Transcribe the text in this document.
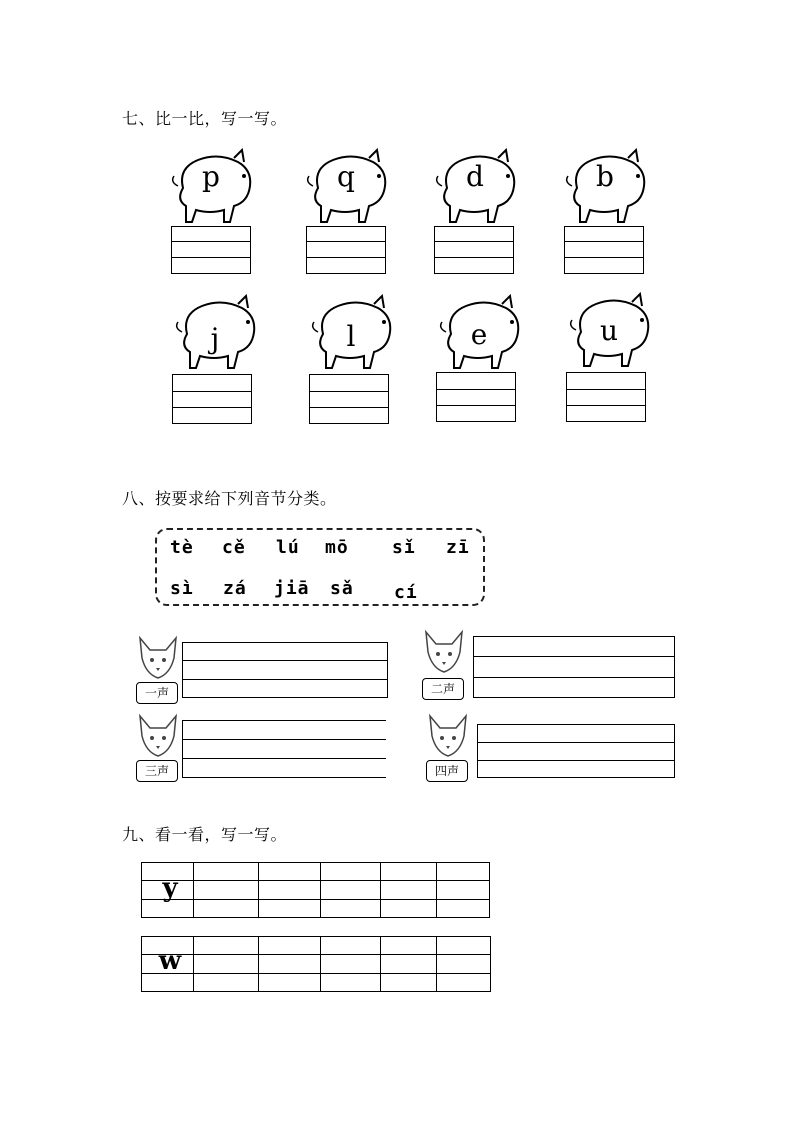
七、比一比，写一写。
p	q	d	b
j	l	e	u
八、按要求给下列音节分类。
tè cě lú mō sǐ zī
sì zá jiā sǎ cí
一声	二声
三声	四声
九、看一看，写一写。
y
w
